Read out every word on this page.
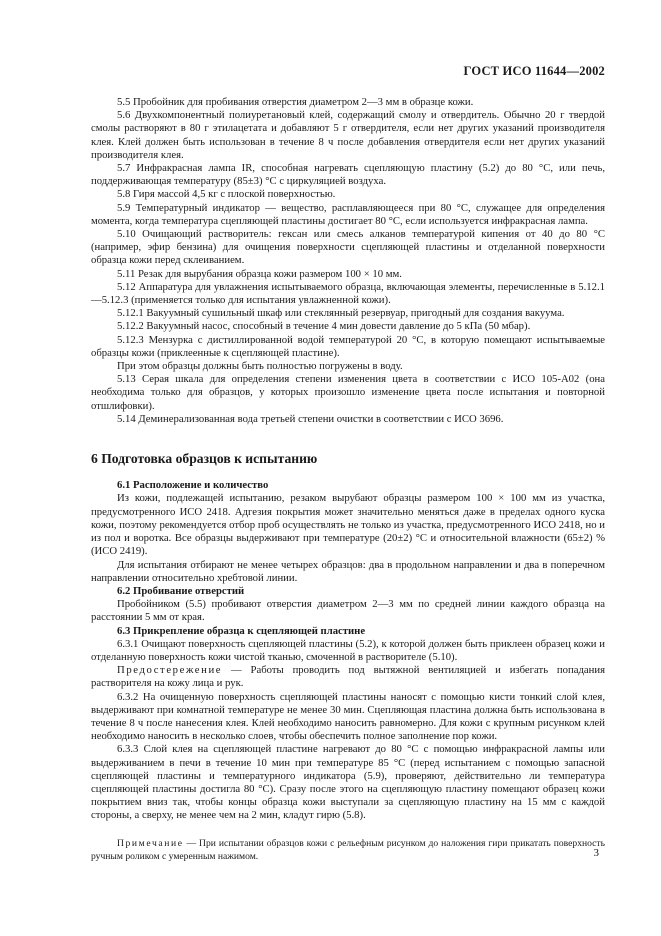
ГОСТ ИСО 11644—2002

5.5 Пробойник для пробивания отверстия диаметром 2—3 мм в образце кожи.

5.6 Двухкомпонентный полиуретановый клей, содержащий смолу и отвердитель. Обычно 20 г твердой смолы растворяют в 80 г этилацетата и добавляют 5 г отвердителя, если нет других указаний производителя клея. Клей должен быть использован в течение 8 ч после добавления отвердителя если нет других указаний производителя клея.

5.7 Инфракрасная лампа IR, способная нагревать сцепляющую пластину (5.2) до 80 °C, или печь, поддерживающая температуру (85±3) °C с циркуляцией воздуха.

5.8 Гиря массой 4,5 кг с плоской поверхностью.

5.9 Температурный индикатор — вещество, расплавляющееся при 80 °C, служащее для определения момента, когда температура сцепляющей пластины достигает 80 °C, если используется инфракрасная лампа.

5.10 Очищающий растворитель: гексан или смесь алканов температурой кипения от 40 до 80 °C (например, эфир бензина) для очищения поверхности сцепляющей пластины и отделанной поверхности образца кожи перед склеиванием.

5.11 Резак для вырубания образца кожи размером 100 × 10 мм.

5.12 Аппаратура для увлажнения испытываемого образца, включающая элементы, перечисленные в 5.12.1—5.12.3 (применяется только для испытания увлажненной кожи).

5.12.1 Вакуумный сушильный шкаф или стеклянный резервуар, пригодный для создания вакуума.

5.12.2 Вакуумный насос, способный в течение 4 мин довести давление до 5 кПа (50 мбар).

5.12.3 Мензурка с дистиллированной водой температурой 20 °C, в которую помещают испытываемые образцы кожи (приклеенные к сцепляющей пластине).

При этом образцы должны быть полностью погружены в воду.

5.13 Серая шкала для определения степени изменения цвета в соответствии с ИСО 105-А02 (она необходима только для образцов, у которых произошло изменение цвета после испытания и повторной отшлифовки).

5.14 Деминерализованная вода третьей степени очистки в соответствии с ИСО 3696.

6 Подготовка образцов к испытанию
6.1 Расположение и количество

Из кожи, подлежащей испытанию, резаком вырубают образцы размером 100 × 100 мм из участка, предусмотренного ИСО 2418. Адгезия покрытия может значительно меняться даже в пределах одного куска кожи, поэтому рекомендуется отбор проб осуществлять не только из участка, предусмотренного ИСО 2418, но и из пол и воротка. Все образцы выдерживают при температуре (20±2) °C и относительной влажности (65±2) % (ИСО 2419).

Для испытания отбирают не менее четырех образцов: два в продольном направлении и два в поперечном направлении относительно хребтовой линии.

6.2 Пробивание отверстий

Пробойником (5.5) пробивают отверстия диаметром 2—3 мм по средней линии каждого образца на расстоянии 5 мм от края.

6.3 Прикрепление образца к сцепляющей пластине

6.3.1 Очищают поверхность сцепляющей пластины (5.2), к которой должен быть приклеен образец кожи и отделанную поверхность кожи чистой тканью, смоченной в растворителе (5.10).

Предостережение — Работы проводить под вытяжной вентиляцией и избегать попадания растворителя на кожу лица и рук.

6.3.2 На очищенную поверхность сцепляющей пластины наносят с помощью кисти тонкий слой клея, выдерживают при комнатной температуре не менее 30 мин. Сцепляющая пластина должна быть использована в течение 8 ч после нанесения клея. Клей необходимо наносить равномерно. Для кожи с крупным рисунком клей необходимо наносить в несколько слоев, чтобы обеспечить полное заполнение пор кожи.

6.3.3 Слой клея на сцепляющей пластине нагревают до 80 °C с помощью инфракрасной лампы или выдерживанием в печи в течение 10 мин при температуре 85 °C (перед испытанием с помощью запасной сцепляющей пластины и температурного индикатора (5.9), проверяют, действительно ли температура сцепляющей пластины достигла 80 °C). Сразу после этого на сцепляющую пластину помещают образец кожи покрытием вниз так, чтобы концы образца кожи выступали за сцепляющую пластину на 15 мм с каждой стороны, а сверху, не менее чем на 2 мин, кладут гирю (5.8).

Примечание — При испытании образцов кожи с рельефным рисунком до наложения гири прикатать поверхность ручным роликом с умеренным нажимом.	3
